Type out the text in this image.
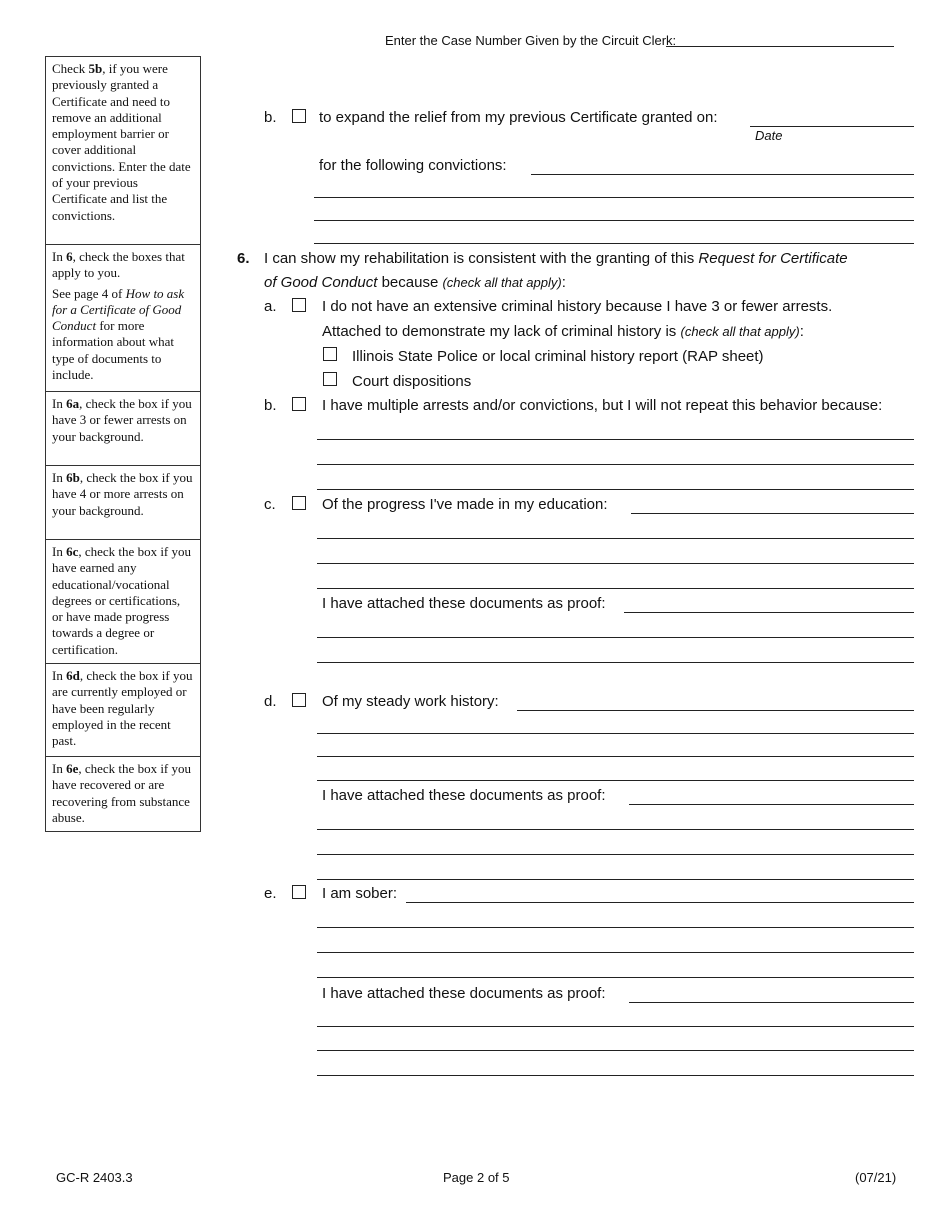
Enter the Case Number Given by the Circuit Clerk:

Check 5b, if you were previously granted a Certificate and need to remove an additional employment barrier or cover additional convictions. Enter the date of your previous Certificate and list the convictions.

In 6, check the boxes that apply to you.

See page 4 of How to ask for a Certificate of Good Conduct for more information about what type of documents to include.

In 6a, check the box if you have 3 or fewer arrests on your background.

In 6b, check the box if you have 4 or more arrests on your background.

In 6c, check the box if you have earned any educational/vocational degrees or certifications, or have made progress towards a degree or certification.

In 6d, check the box if you are currently employed or have been regularly employed in the recent past.

In 6e, check the box if you have recovered or are recovering from substance abuse.

b.	to expand the relief from my previous Certificate granted on:
Date
for the following convictions:
6. I can show my rehabilitation is consistent with the granting of this Request for Certificate
of Good Conduct because (check all that apply):
a.	I do not have an extensive criminal history because I have 3 or fewer arrests.
Attached to demonstrate my lack of criminal history is (check all that apply):
Illinois State Police or local criminal history report (RAP sheet)
Court dispositions
b.	I have multiple arrests and/or convictions, but I will not repeat this behavior because:
c.	Of the progress I've made in my education:
I have attached these documents as proof:
d.	Of my steady work history:
I have attached these documents as proof:
e.	I am sober:
I have attached these documents as proof:
GC-R 2403.3	Page 2 of 5	(07/21)
